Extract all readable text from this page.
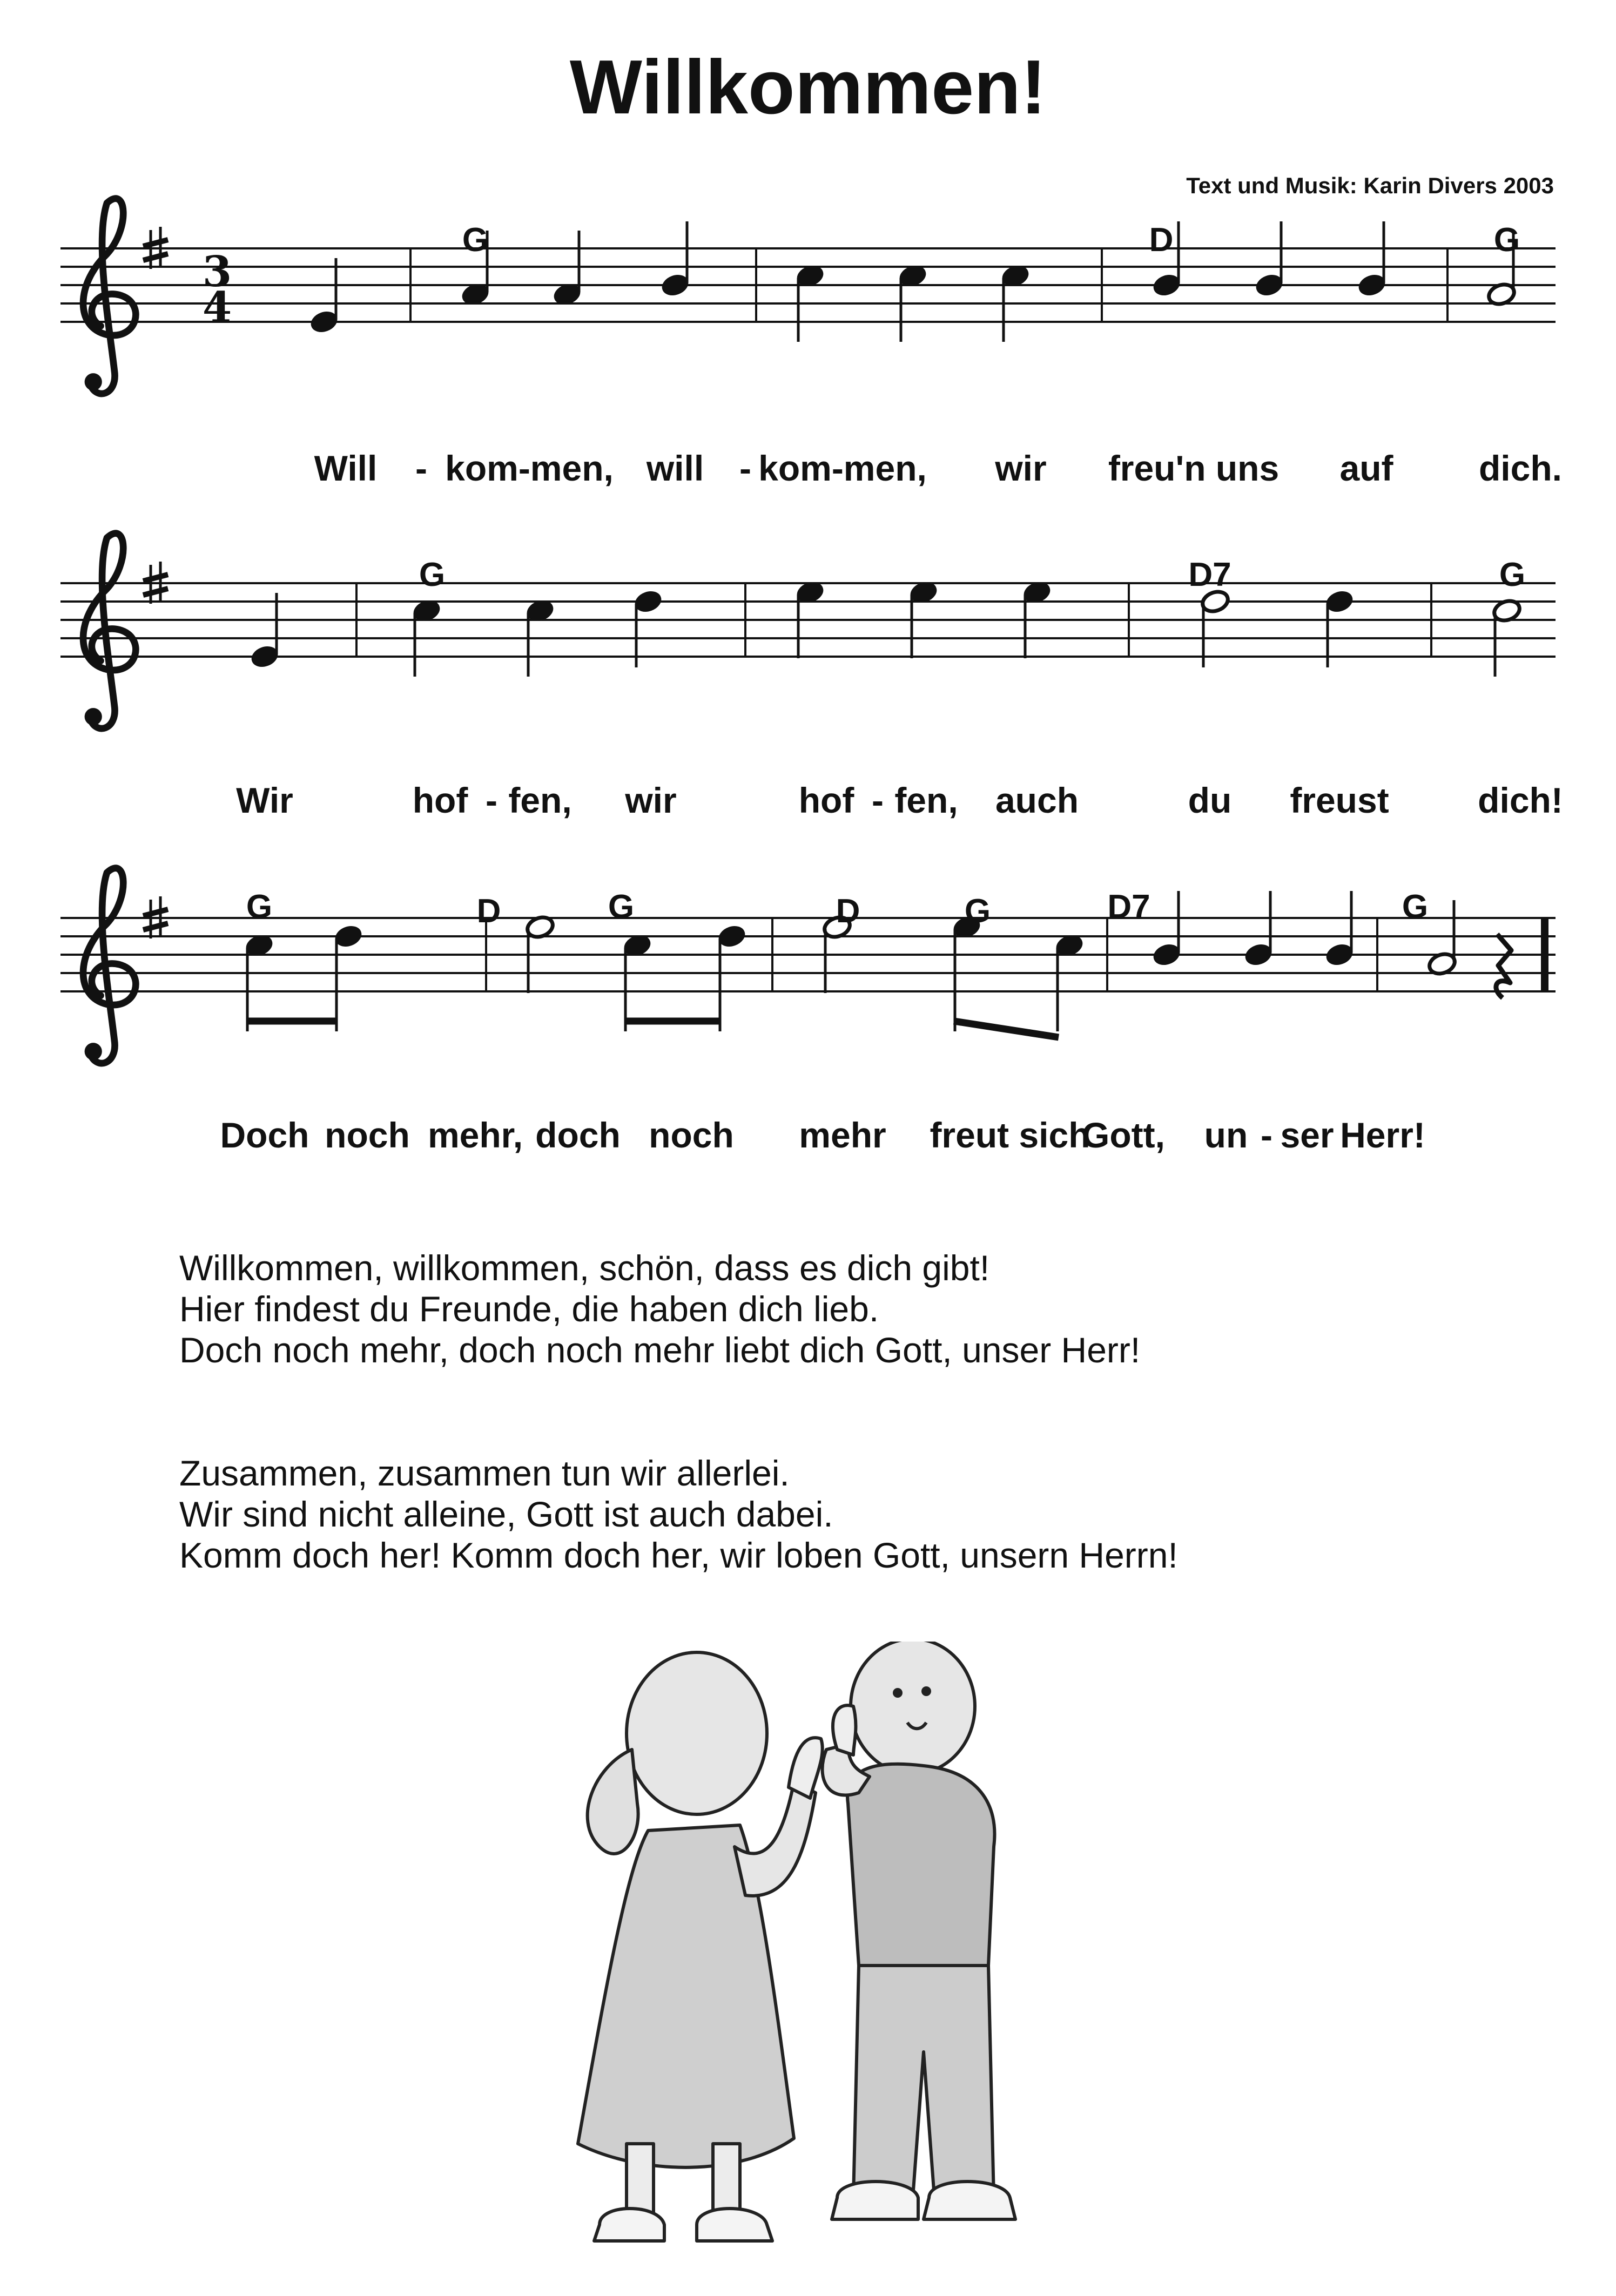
Willkommen!
Text und Musik: Karin Divers 2003
3
4
G	D	G
Will - kom-men, will - kom-men, wir freu'n uns auf dich.
G	D7	G
Wir	hof - fen, wir	hof - fen, auch	du freust dich!
G	D	G	D	G	D7	G
Doch noch mehr, doch noch mehr freut sich
Gott, un - ser Herr!
Willkommen, willkommen, schön, dass es dich gibt!
Hier findest du Freunde, die haben dich lieb.
Doch noch mehr, doch noch mehr liebt dich Gott, unser Herr!
Zusammen, zusammen tun wir allerlei.
Wir sind nicht alleine, Gott ist auch dabei.
Komm doch her! Komm doch her, wir loben Gott, unsern Herrn!
